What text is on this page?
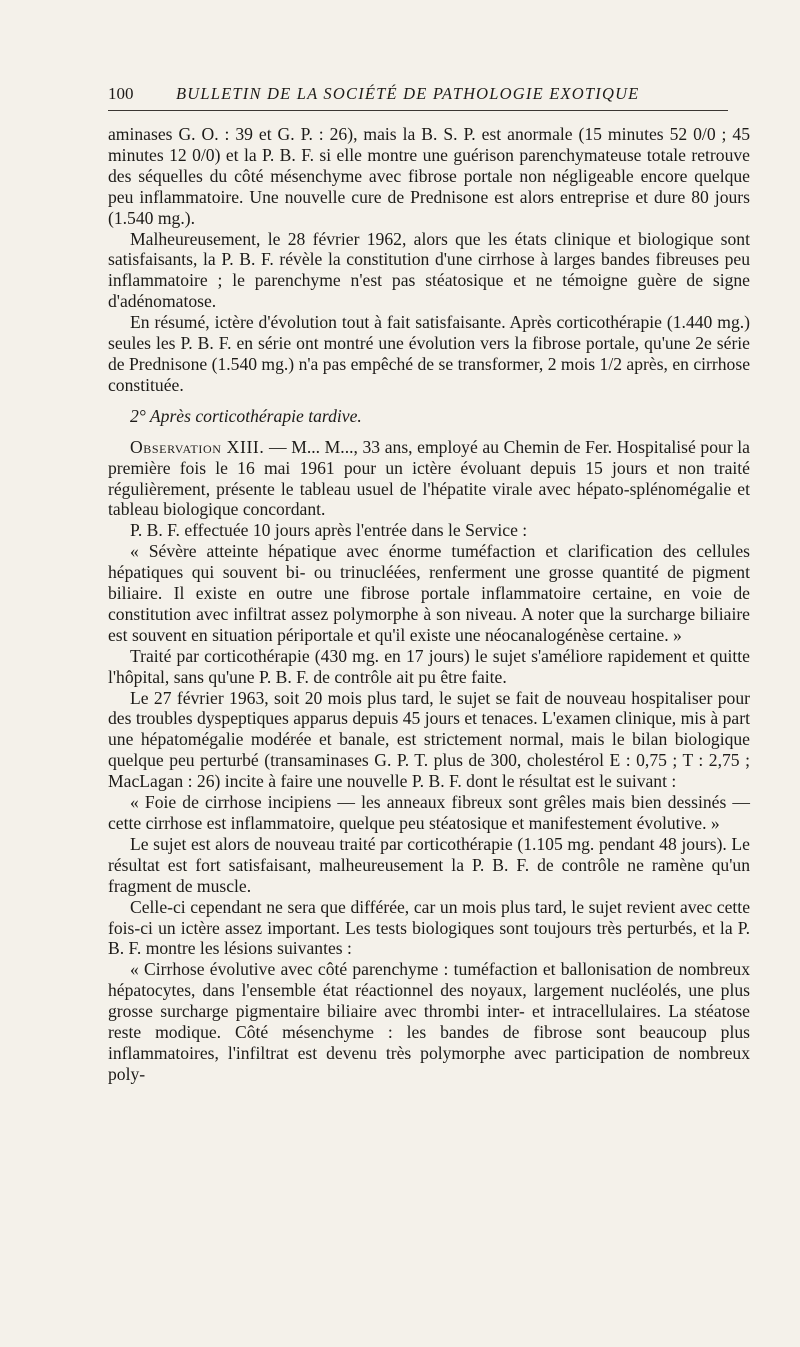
100	BULLETIN DE LA SOCIÉTÉ DE PATHOLOGIE EXOTIQUE

aminases G. O. : 39 et G. P. : 26), mais la B. S. P. est anormale (15 minutes 52 0/0 ; 45 minutes 12 0/0) et la P. B. F. si elle montre une guérison parenchymateuse totale retrouve des séquelles du côté mésenchyme avec fibrose portale non négligeable encore quelque peu inflammatoire. Une nouvelle cure de Prednisone est alors entreprise et dure 80 jours (1.540 mg.).

Malheureusement, le 28 février 1962, alors que les états clinique et biologique sont satisfaisants, la P. B. F. révèle la constitution d'une cirrhose à larges bandes fibreuses peu inflammatoire ; le parenchyme n'est pas stéatosique et ne témoigne guère de signe d'adénomatose.

En résumé, ictère d'évolution tout à fait satisfaisante. Après corticothérapie (1.440 mg.) seules les P. B. F. en série ont montré une évolution vers la fibrose portale, qu'une 2e série de Prednisone (1.540 mg.) n'a pas empêché de se transformer, 2 mois 1/2 après, en cirrhose constituée.

2° Après corticothérapie tardive.

Observation XIII. — M... M..., 33 ans, employé au Chemin de Fer. Hospitalisé pour la première fois le 16 mai 1961 pour un ictère évoluant depuis 15 jours et non traité régulièrement, présente le tableau usuel de l'hépatite virale avec hépato-splénomégalie et tableau biologique concordant.

P. B. F. effectuée 10 jours après l'entrée dans le Service :

« Sévère atteinte hépatique avec énorme tuméfaction et clarification des cellules hépatiques qui souvent bi- ou trinucléées, renferment une grosse quantité de pigment biliaire. Il existe en outre une fibrose portale inflammatoire certaine, en voie de constitution avec infiltrat assez polymorphe à son niveau. A noter que la surcharge biliaire est souvent en situation périportale et qu'il existe une néocanalogénèse certaine. »

Traité par corticothérapie (430 mg. en 17 jours) le sujet s'améliore rapidement et quitte l'hôpital, sans qu'une P. B. F. de contrôle ait pu être faite.

Le 27 février 1963, soit 20 mois plus tard, le sujet se fait de nouveau hospitaliser pour des troubles dyspeptiques apparus depuis 45 jours et tenaces. L'examen clinique, mis à part une hépatomégalie modérée et banale, est strictement normal, mais le bilan biologique quelque peu perturbé (transaminases G. P. T. plus de 300, cholestérol E : 0,75 ; T : 2,75 ; MacLagan : 26) incite à faire une nouvelle P. B. F. dont le résultat est le suivant :

« Foie de cirrhose incipiens — les anneaux fibreux sont grêles mais bien dessinés — cette cirrhose est inflammatoire, quelque peu stéatosique et manifestement évolutive. »

Le sujet est alors de nouveau traité par corticothérapie (1.105 mg. pendant 48 jours). Le résultat est fort satisfaisant, malheureusement la P. B. F. de contrôle ne ramène qu'un fragment de muscle.

Celle-ci cependant ne sera que différée, car un mois plus tard, le sujet revient avec cette fois-ci un ictère assez important. Les tests biologiques sont toujours très perturbés, et la P. B. F. montre les lésions suivantes :

« Cirrhose évolutive avec côté parenchyme : tuméfaction et ballonisation de nombreux hépatocytes, dans l'ensemble état réactionnel des noyaux, largement nucléolés, une plus grosse surcharge pigmentaire biliaire avec thrombi inter- et intracellulaires. La stéatose reste modique. Côté mésenchyme : les bandes de fibrose sont beaucoup plus inflammatoires, l'infiltrat est devenu très polymorphe avec participation de nombreux poly-
